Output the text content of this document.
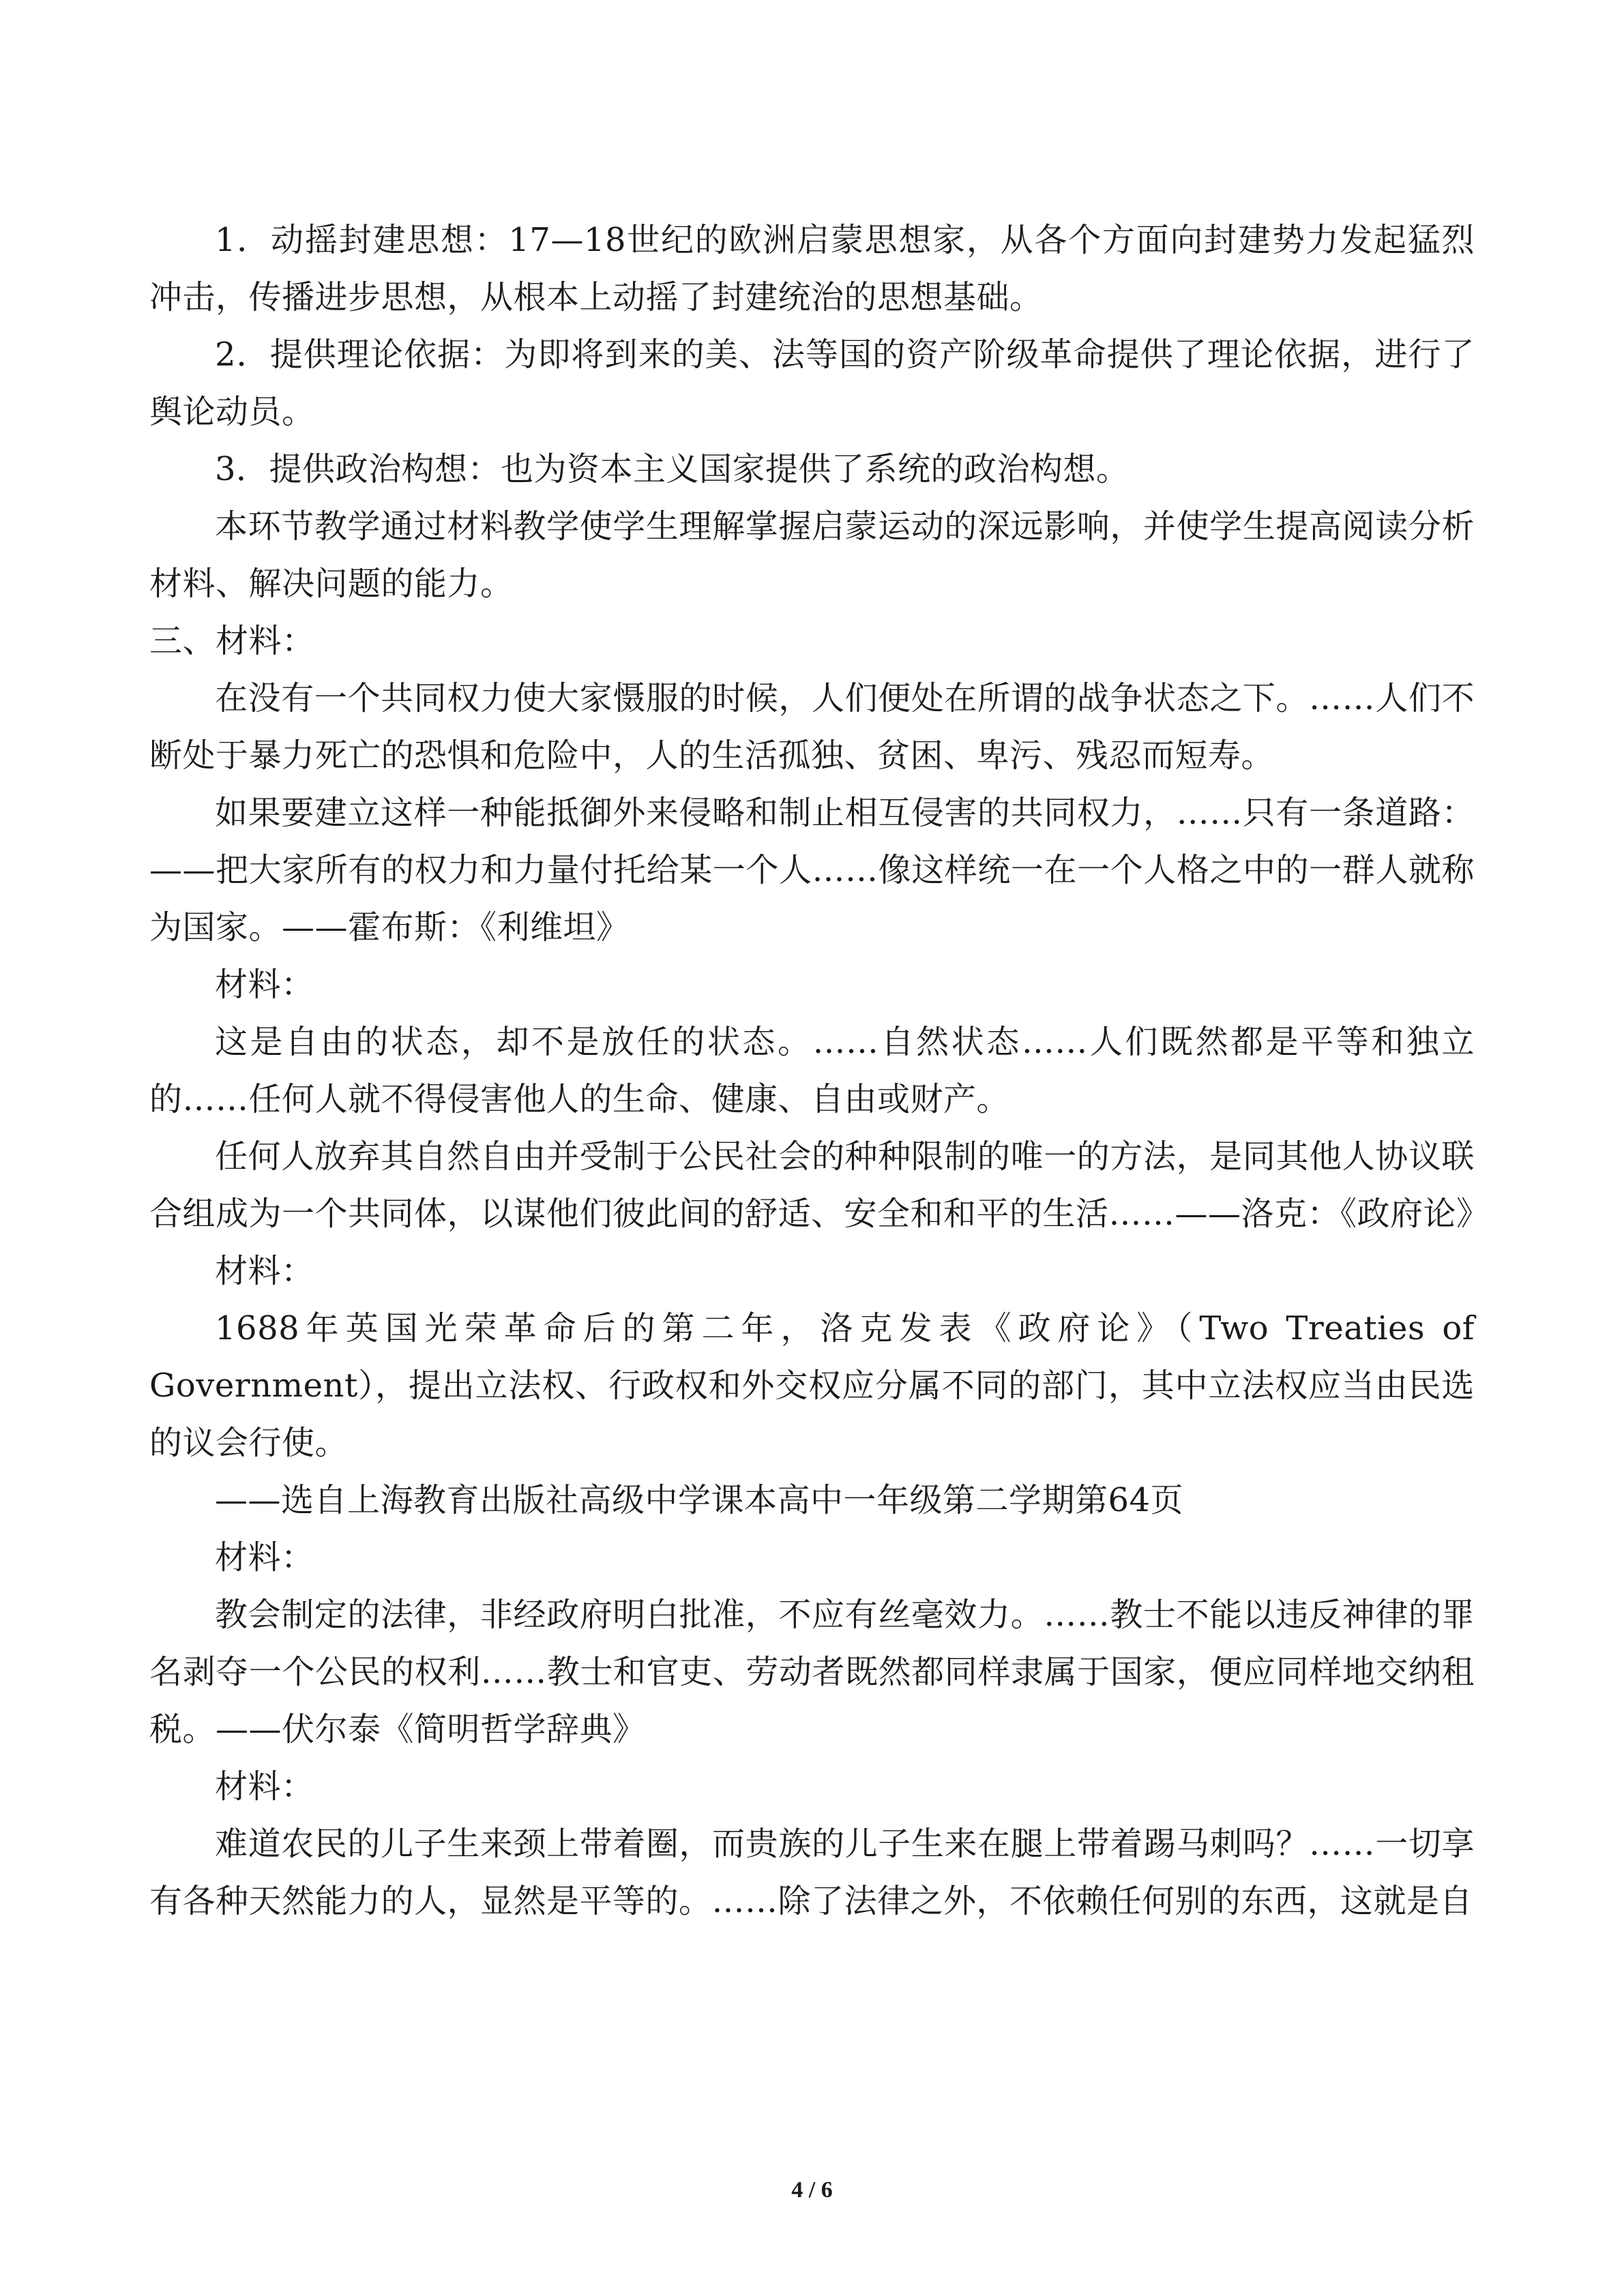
1．动摇封建思想：17—18世纪的欧洲启蒙思想家，从各个方面向封建势力发起猛烈冲击，传播进步思想，从根本上动摇了封建统治的思想基础。

2．提供理论依据：为即将到来的美、法等国的资产阶级革命提供了理论依据，进行了舆论动员。

3．提供政治构想：也为资本主义国家提供了系统的政治构想。

本环节教学通过材料教学使学生理解掌握启蒙运动的深远影响，并使学生提高阅读分析材料、解决问题的能力。

三、材料：

在没有一个共同权力使大家慑服的时候，人们便处在所谓的战争状态之下。……人们不断处于暴力死亡的恐惧和危险中，人的生活孤独、贫困、卑污、残忍而短寿。

如果要建立这样一种能抵御外来侵略和制止相互侵害的共同权力，……只有一条道路：——把大家所有的权力和力量付托给某一个人……像这样统一在一个人格之中的一群人就称为国家。——霍布斯：《利维坦》

材料：

这是自由的状态，却不是放任的状态。……自然状态……人们既然都是平等和独立的……任何人就不得侵害他人的生命、健康、自由或财产。

任何人放弃其自然自由并受制于公民社会的种种限制的唯一的方法，是同其他人协议联合组成为一个共同体，以谋他们彼此间的舒适、安全和和平的生活……——洛克：《政府论》

材料：

1688年英国光荣革命后的第二年，洛克发表《政府论》（Two Treaties of Government），提出立法权、行政权和外交权应分属不同的部门，其中立法权应当由民选的议会行使。

——选自上海教育出版社高级中学课本高中一年级第二学期第64页

材料：

教会制定的法律，非经政府明白批准，不应有丝毫效力。……教士不能以违反神律的罪名剥夺一个公民的权利……教士和官吏、劳动者既然都同样隶属于国家，便应同样地交纳租税。——伏尔泰《简明哲学辞典》

材料：

难道农民的儿子生来颈上带着圈，而贵族的儿子生来在腿上带着踢马刺吗？……一切享有各种天然能力的人，显然是平等的。……除了法律之外，不依赖任何别的东西，这就是自

4 / 6
